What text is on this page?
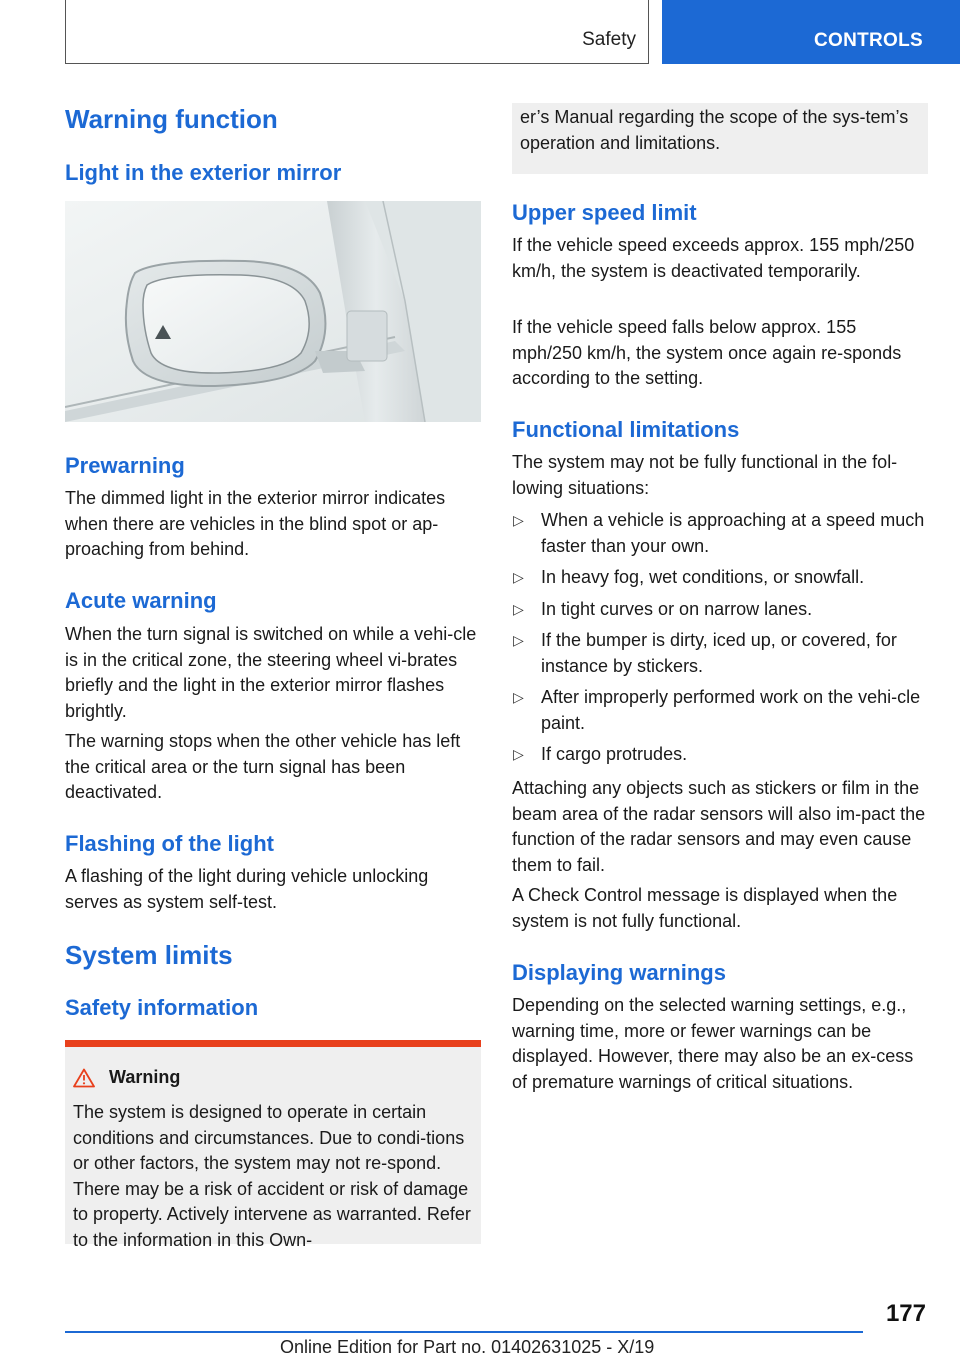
Safety	CONTROLS
Warning function
Light in the exterior mirror
Prewarning
The dimmed light in the exterior mirror indicates when there are vehicles in the blind spot or ap-proaching from behind.
Acute warning
When the turn signal is switched on while a vehi-cle is in the critical zone, the steering wheel vi-brates briefly and the light in the exterior mirror flashes brightly.
The warning stops when the other vehicle has left the critical area or the turn signal has been deactivated.
Flashing of the light
A flashing of the light during vehicle unlocking serves as system self-test.
System limits
Safety information
Warning
The system is designed to operate in certain conditions and circumstances. Due to condi-tions or other factors, the system may not re-spond. There may be a risk of accident or risk of damage to property. Actively intervene as warranted. Refer to the information in this Own-
er’s Manual regarding the scope of the sys-tem’s operation and limitations.
Upper speed limit
If the vehicle speed exceeds approx. 155 mph/250 km/h, the system is deactivated temporarily.
If the vehicle speed falls below approx. 155 mph/250 km/h, the system once again re-sponds according to the setting.
Functional limitations
The system may not be fully functional in the fol-lowing situations:
▷ When a vehicle is approaching at a speed much faster than your own.
▷ In heavy fog, wet conditions, or snowfall.
▷ In tight curves or on narrow lanes.
▷ If the bumper is dirty, iced up, or covered, for instance by stickers.
▷ After improperly performed work on the vehi-cle paint.
▷ If cargo protrudes.
Attaching any objects such as stickers or film in the beam area of the radar sensors will also im-pact the function of the radar sensors and may even cause them to fail.
A Check Control message is displayed when the system is not fully functional.
Displaying warnings
Depending on the selected warning settings, e.g., warning time, more or fewer warnings can be displayed. However, there may also be an ex-cess of premature warnings of critical situations.
177
Online Edition for Part no. 01402631025 - X/19
